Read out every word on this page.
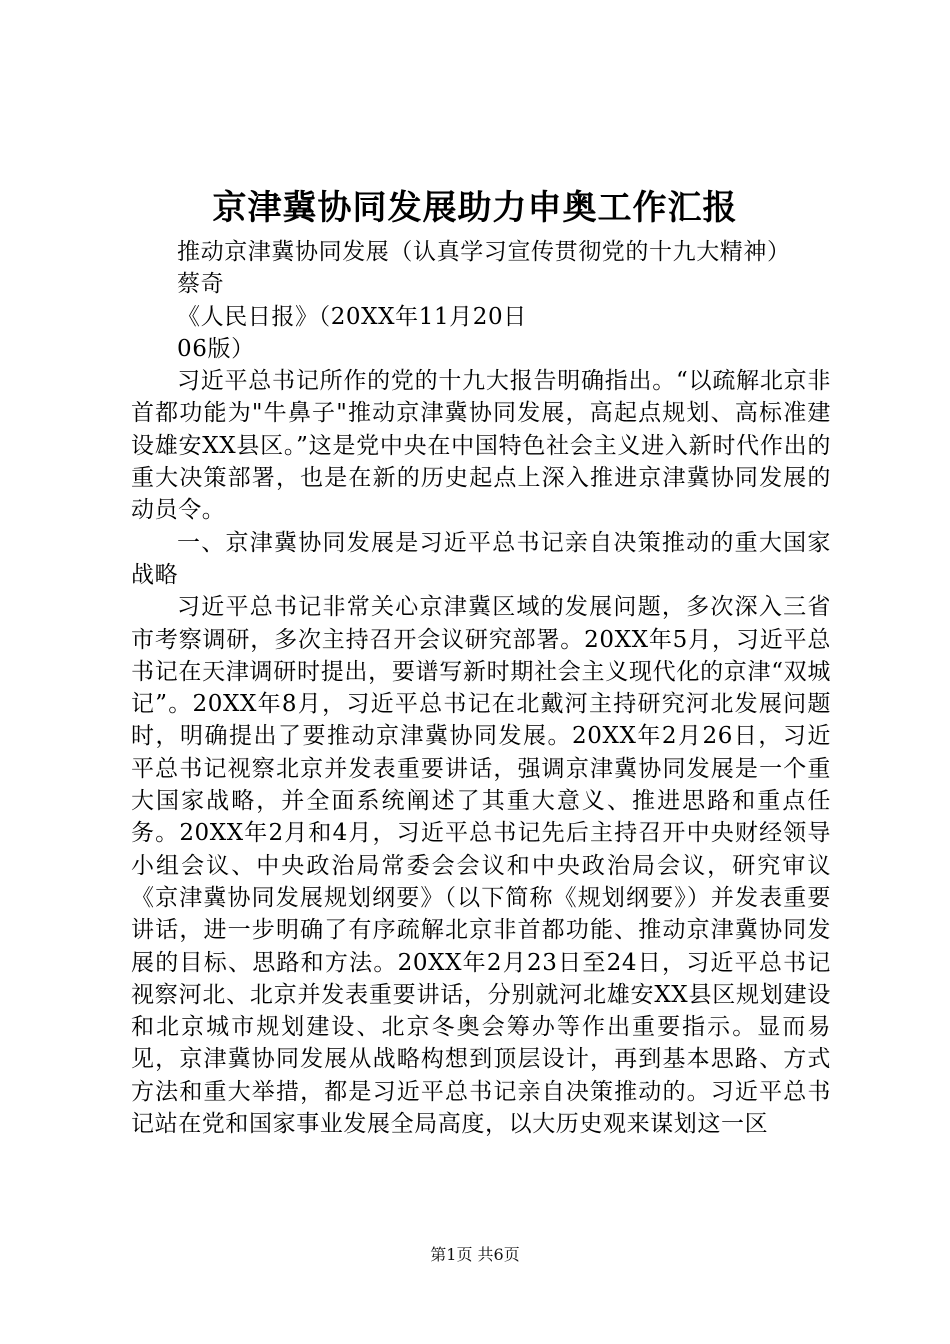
京津冀协同发展助力申奥工作汇报

推动京津冀协同发展（认真学习宣传贯彻党的十九大精神）

蔡奇

《人民日报》（20XX年11月20日

06版）

习近平总书记所作的党的十九大报告明确指出。“以疏解北京非首都功能为"牛鼻子"推动京津冀协同发展，高起点规划、高标准建设雄安XX县区。”这是党中央在中国特色社会主义进入新时代作出的重大决策部署，也是在新的历史起点上深入推进京津冀协同发展的动员令。

一、京津冀协同发展是习近平总书记亲自决策推动的重大国家战略

习近平总书记非常关心京津冀区域的发展问题，多次深入三省市考察调研，多次主持召开会议研究部署。20XX年5月，习近平总书记在天津调研时提出，要谱写新时期社会主义现代化的京津“双城记”。20XX年8月，习近平总书记在北戴河主持研究河北发展问题时，明确提出了要推动京津冀协同发展。20XX年2月26日，习近平总书记视察北京并发表重要讲话，强调京津冀协同发展是一个重大国家战略，并全面系统阐述了其重大意义、推进思路和重点任务。20XX年2月和4月，习近平总书记先后主持召开中央财经领导小组会议、中央政治局常委会会议和中央政治局会议，研究审议《京津冀协同发展规划纲要》（以下简称《规划纲要》）并发表重要讲话，进一步明确了有序疏解北京非首都功能、推动京津冀协同发展的目标、思路和方法。20XX年2月23日至24日，习近平总书记视察河北、北京并发表重要讲话，分别就河北雄安XX县区规划建设和北京城市规划建设、北京冬奥会筹办等作出重要指示。显而易见，京津冀协同发展从战略构想到顶层设计，再到基本思路、方式方法和重大举措，都是习近平总书记亲自决策推动的。习近平总书记站在党和国家事业发展全局高度，以大历史观来谋划这一区

第1页 共6页
